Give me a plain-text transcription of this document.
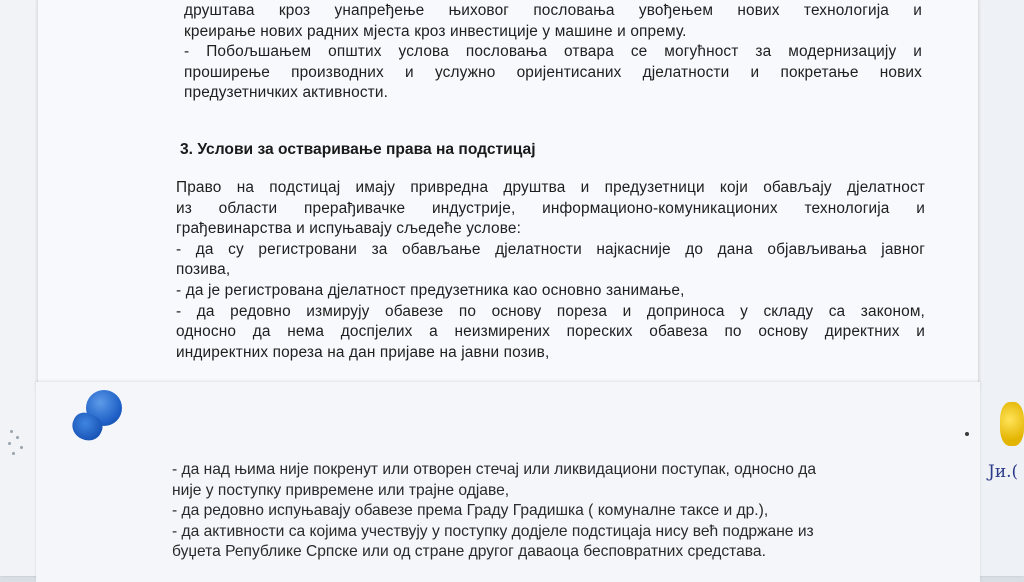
Ји.(

друштава кроз унапређење њиховог пословања увођењем нових технологија и

креирање нових радних мјеста кроз инвестиције у машине и опрему.

- Побољшањем општих услова пословања отвара се могућност за модернизацију и

проширење производних и услужно оријентисаних дјелатности и покретање нових

предузетничких активности.

3. Услови за остваривање права на подстицај

Право на подстицај имају привредна друштва и предузетници који обављају дјелатност

из области прерађивачке индустрије, информационо-комуникационих технологија и

грађевинарства и испуњавају сљедеће услове:

- да су регистровани за обављање дјелатности најкасније до дана објављивања јавног

позива,

- да је регистрована дјелатност предузетника као основно занимање,

- да редовно измирују обавезе по основу пореза и доприноса у складу са законом,

односно да нема доспјелих а неизмирених пореских обавеза по основу директних и

индиректних пореза на дан пријаве на јавни позив,

- да над њима није покренут или отворен стечај или ликвидациони поступак, односно да

није у поступку привремене или трајне одјаве,

- да редовно испуњавају обавезе према Граду Градишка ( комуналне таксе и др.),

- да активности са којима учествују у поступку додјеле подстицаја нису већ подржане из

буџета Републике Српске или од стране другог даваоца бесповратних средстава.
